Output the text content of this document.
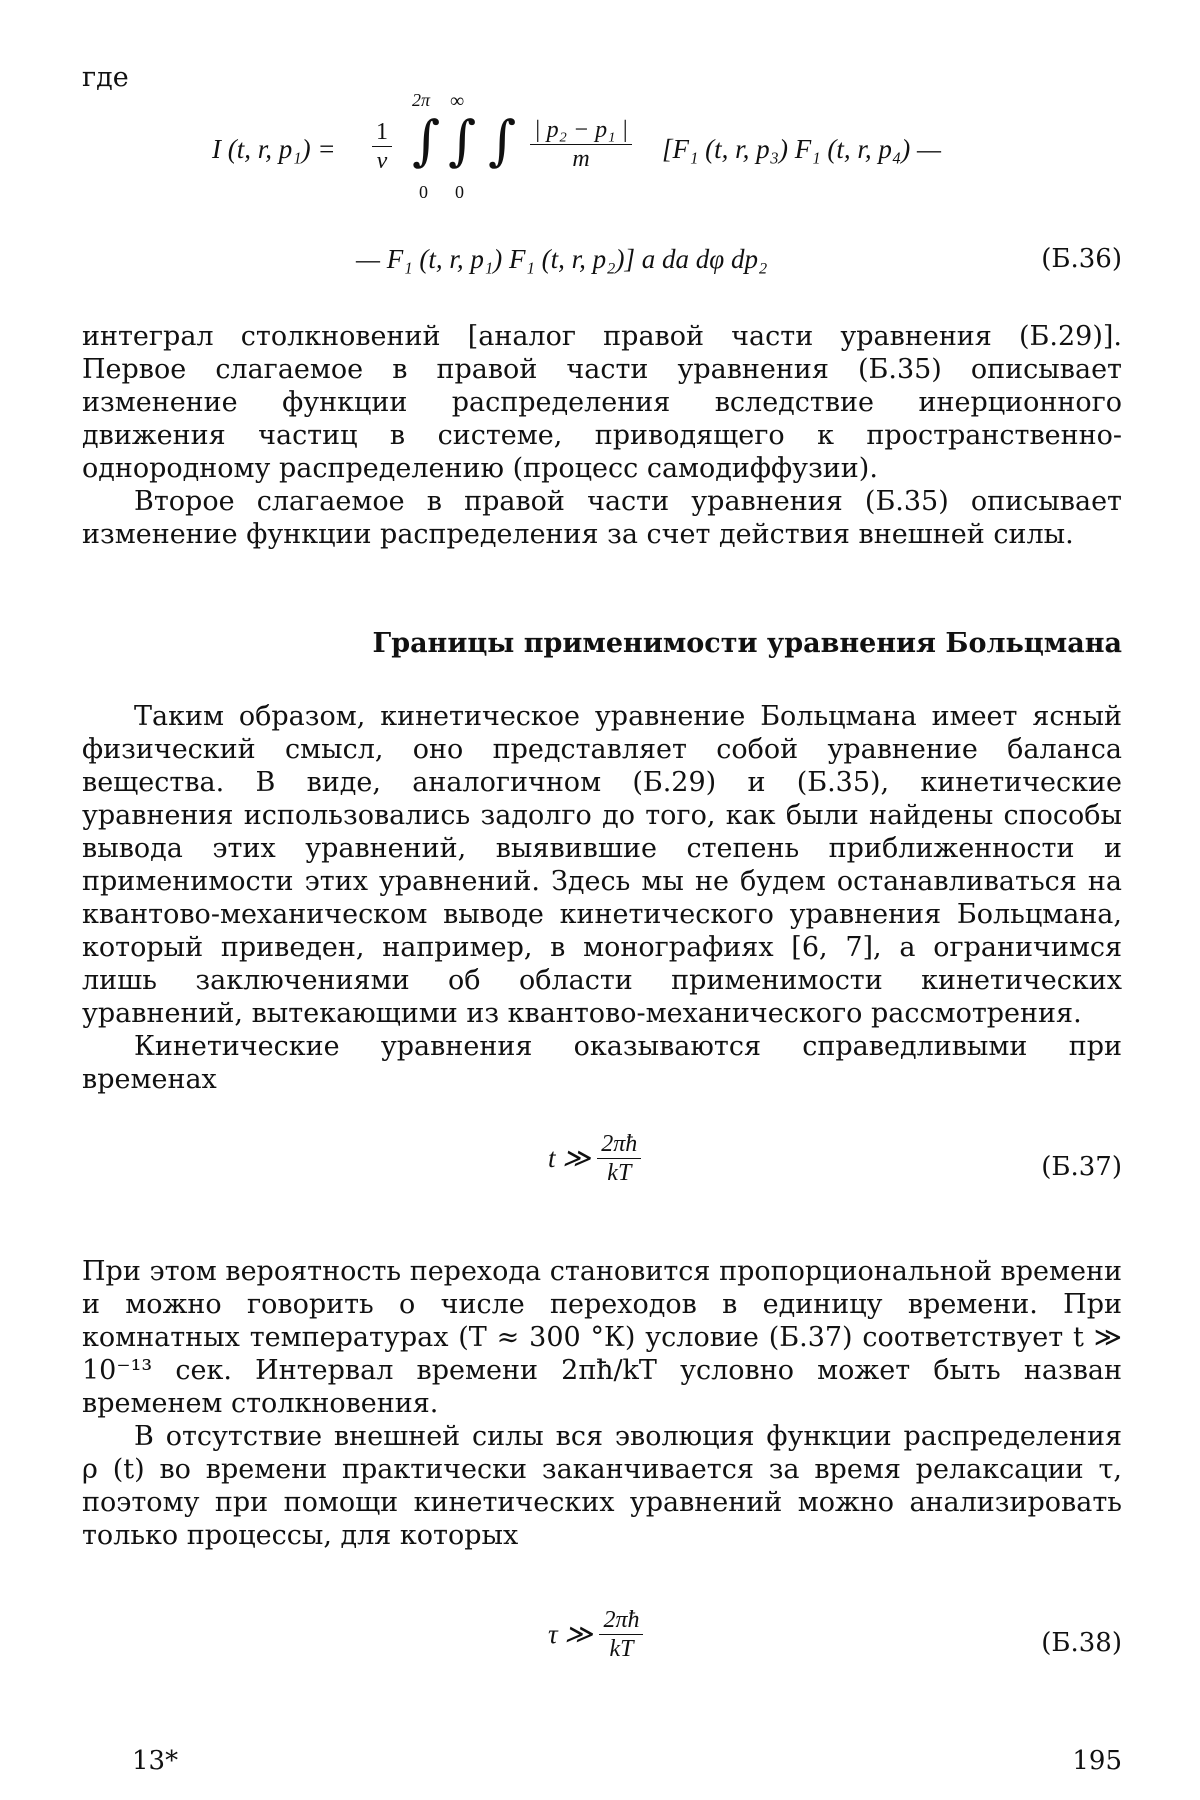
где
I (t, r, $p_1) = \frac{1}{v}$
2π
∫
0
∞
∫
0
∫ $\frac{\text{| p₂ − p₁ |}}{m} [F_1$ (t, r, p₃) F₁ (t, r, p₄) —
— F₁ (t, r, p₁) F₁ (t, r, p₂)] a da dφ dp₂	(Б.36)
интеграл столкновений [аналог правой части уравнения (Б.29)]. Первое слагаемое в правой части уравнения (Б.35) описывает изменение функции распределения вследствие инерционного движения частиц в системе, приводящего к пространственно-однородному распределению (процесс самодиффузии).
Второе слагаемое в правой части уравнения (Б.35) описывает изменение функции распределения за счет действия внешней силы.
Границы применимости уравнения Больцмана
Таким образом, кинетическое уравнение Больцмана имеет ясный физический смысл, оно представляет собой уравнение баланса вещества. В виде, аналогичном (Б.29) и (Б.35), кинетические уравнения использовались задолго до того, как были найдены способы вывода этих уравнений, выявившие степень приближенности и применимости этих уравнений. Здесь мы не будем останавливаться на квантово-механическом выводе кинетического уравнения Больцмана, который приведен, например, в монографиях [6, 7], а ограничимся лишь заключениями об области применимости кинетических уравнений, вытекающими из квантово-механического рассмотрения.
Кинетические уравнения оказываются справедливыми при временах
t ≫ $\frac{2\pi ħ}{kT}$	(Б.37)
При этом вероятность перехода становится пропорциональной времени и можно говорить о числе переходов в единицу времени. При комнатных температурах (T ≈ 300 °К) условие (Б.37) соответствует t ≫ 10⁻¹³ сек. Интервал времени 2πħ/kT условно может быть назван временем столкновения.
В отсутствие внешней силы вся эволюция функции распределения ρ (t) во времени практически заканчивается за время релаксации τ, поэтому при помощи кинетических уравнений можно анализировать только процессы, для которых
τ ≫ $\frac{2\pi ħ}{kT}$	(Б.38)
13*	195
